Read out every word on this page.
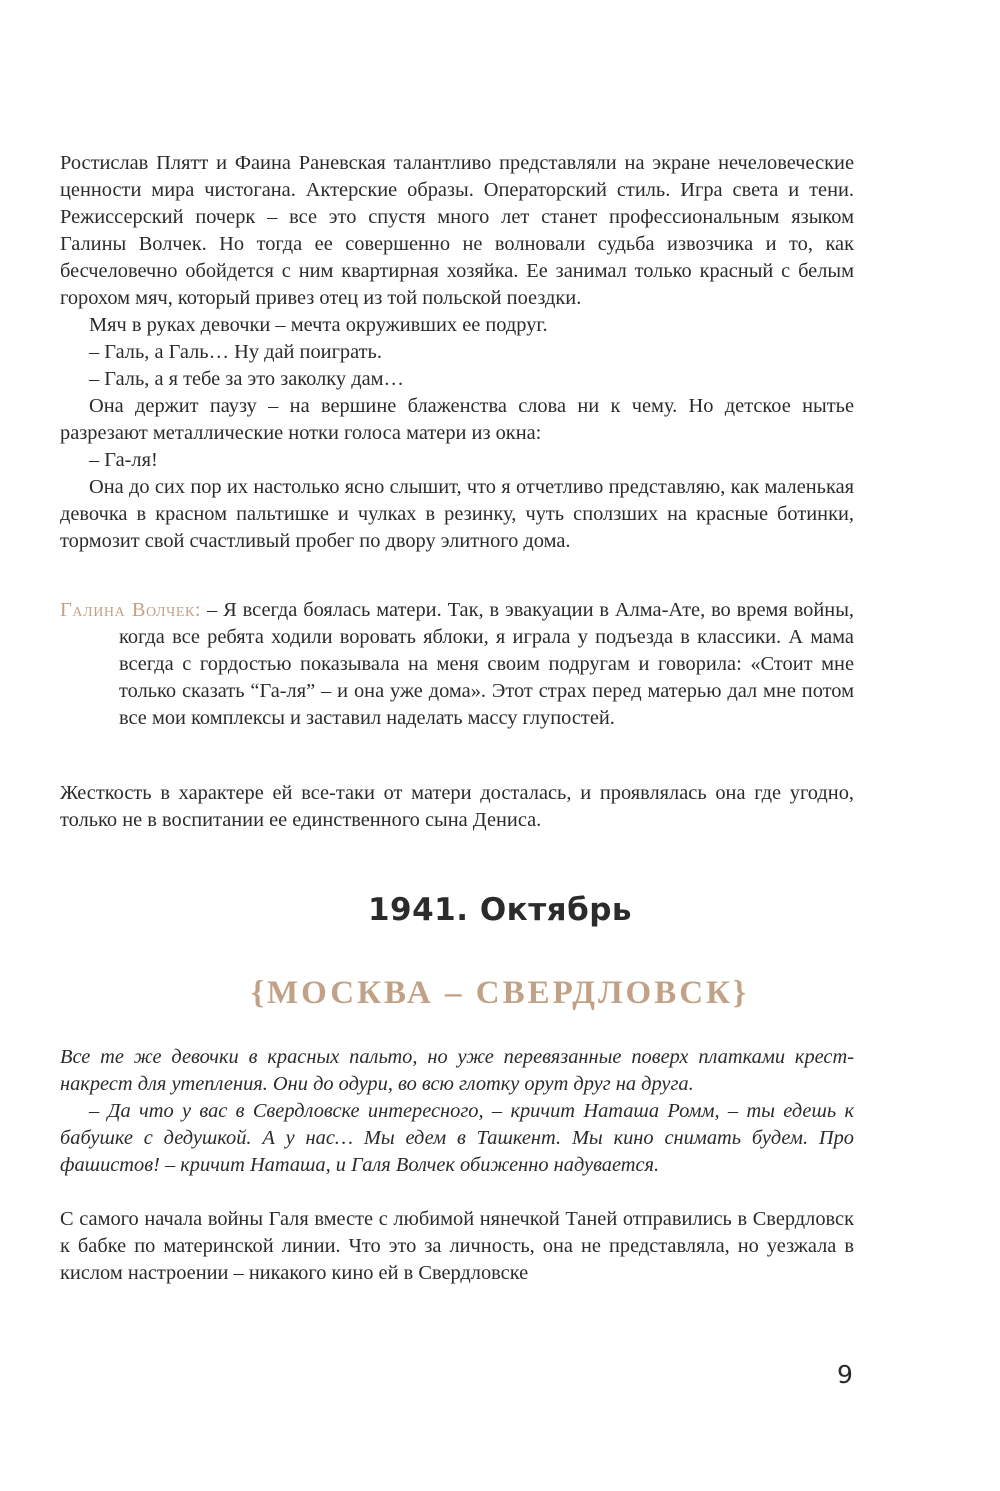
Ростислав Плятт и Фаина Раневская талантливо представляли на экране нечеловеческие ценности мира чистогана. Актерские образы. Операторский стиль. Игра света и тени. Режиссерский почерк – все это спустя много лет станет профессиональным языком Галины Волчек. Но тогда ее совершенно не волновали судьба извозчика и то, как бесчеловечно обойдется с ним квартирная хозяйка. Ее занимал только красный с белым горохом мяч, который привез отец из той польской поездки.

Мяч в руках девочки – мечта окруживших ее подруг.

– Галь, а Галь… Ну дай поиграть.

– Галь, а я тебе за это заколку дам…

Она держит паузу – на вершине блаженства слова ни к чему. Но детское нытье разрезают металлические нотки голоса матери из окна:

– Га-ля!

Она до сих пор их настолько ясно слышит, что я отчетливо представляю, как маленькая девочка в красном пальтишке и чулках в резинку, чуть сползших на красные ботинки, тормозит свой счастливый пробег по двору элитного дома.

Галина Волчек: – Я всегда боялась матери. Так, в эвакуации в Алма-Ате, во время войны, когда все ребята ходили воровать яблоки, я играла у подъезда в классики. А мама всегда с гордостью показывала на меня своим подругам и говорила: «Стоит мне только сказать “Га-ля” – и она уже дома». Этот страх перед матерью дал мне потом все мои комплексы и заставил наделать массу глупостей.

Жесткость в характере ей все-таки от матери досталась, и проявлялась она где угодно, только не в воспитании ее единственного сына Дениса.

1941. Октябрь
{МОСКВА – СВЕРДЛОВСК}

Все те же девочки в красных пальто, но уже перевязанные поверх платками крест-накрест для утепления. Они до одури, во всю глотку орут друг на друга.

– Да что у вас в Свердловске интересного, – кричит Наташа Ромм, – ты едешь к бабушке с дедушкой. А у нас… Мы едем в Ташкент. Мы кино снимать будем. Про фашистов! – кричит Наташа, и Галя Волчек обиженно надувается.

С самого начала войны Галя вместе с любимой нянечкой Таней отправились в Свердловск к бабке по материнской линии. Что это за личность, она не представляла, но уезжала в кислом настроении – никакого кино ей в Свердловске

9
